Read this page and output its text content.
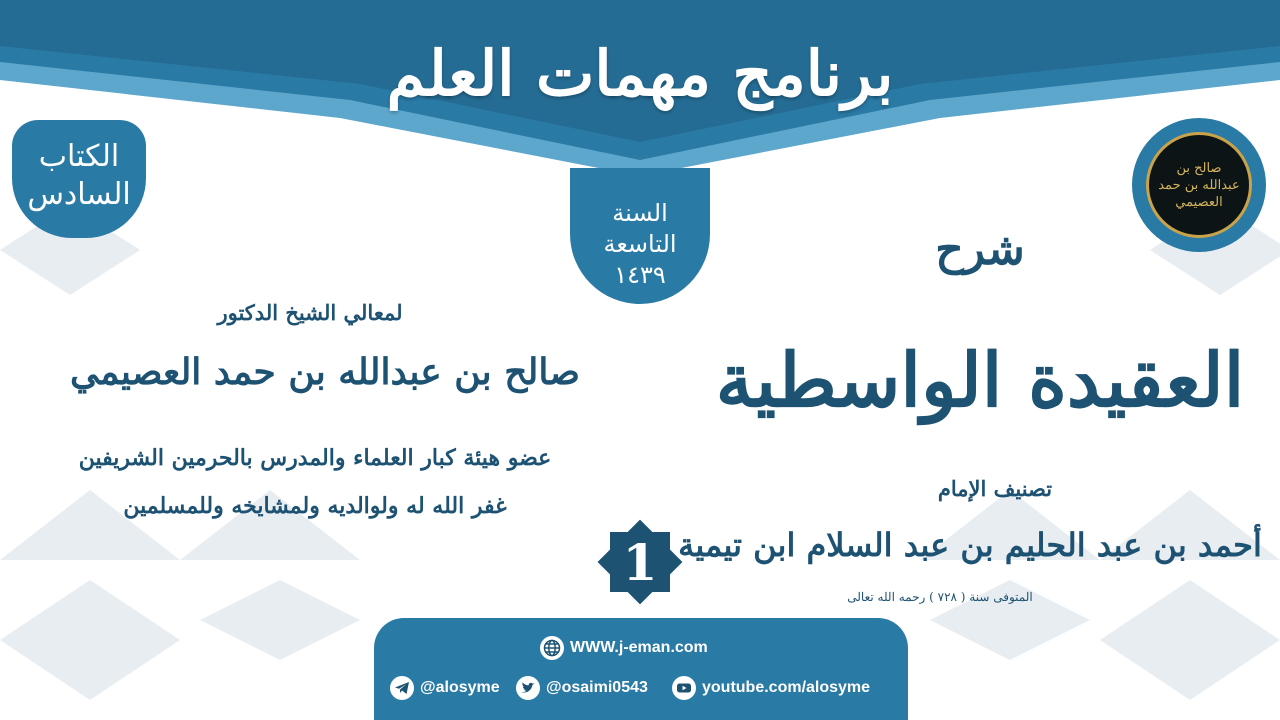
برنامج مهمات العلم
الكتاب
السادس
السنة
التاسعة
١٤٣٩
صالح بن عبدالله بن حمد العصيمي
شرح
العقيدة الواسطية
تصنيف الإمام
أحمد بن عبد الحليم بن عبد السلام ابن تيمية
المتوفى سنة ( ٧٢٨ ) رحمه الله تعالى
لمعالي الشيخ الدكتور
صالح بن عبدالله بن حمد العصيمي
عضو هيئة كبار العلماء والمدرس بالحرمين الشريفين
غفر الله له ولوالديه ولمشايخه وللمسلمين
1
WWW.j-eman.com
@alosyme	@osaimi0543	youtube.com/alosyme
